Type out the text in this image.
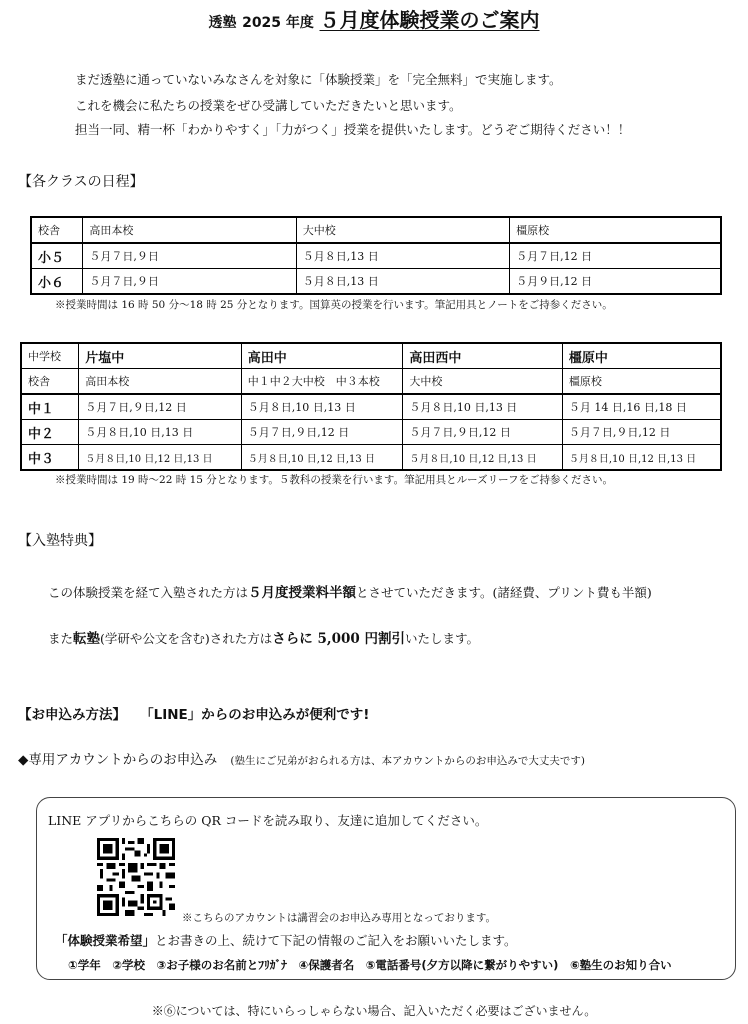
透塾 2025 年度 ５月度体験授業のご案内
まだ透塾に通っていないみなさんを対象に「体験授業」を「完全無料」で実施します。
これを機会に私たちの授業をぜひ受講していただきたいと思います。
担当一同、精一杯「わかりやすく」「力がつく」授業を提供いたします。どうぞご期待ください！！
【各クラスの日程】
校舎	高田本校	大中校	橿原校
小５	５月７日,９日	５月８日,13 日	５月７日,12 日
小６	５月７日,９日	５月８日,13 日	５月９日,12 日
※授業時間は 16 時 50 分～18 時 25 分となります。国算英の授業を行います。筆記用具とノートをご持参ください。
中学校	片塩中	高田中	高田西中	橿原中
校舎	高田本校	中１中２大中校　中３本校	大中校	橿原校
中１	５月７日,９日,12 日	５月８日,10 日,13 日	５月８日,10 日,13 日	５月 14 日,16 日,18 日
中２	５月８日,10 日,13 日	５月７日,９日,12 日	５月７日,９日,12 日	５月７日,９日,12 日
中３	５月８日,10 日,12 日,13 日	５月８日,10 日,12 日,13 日	５月８日,10 日,12 日,13 日	５月８日,10 日,12 日,13 日
※授業時間は 19 時～22 時 15 分となります。５教科の授業を行います。筆記用具とルーズリーフをご持参ください。
【入塾特典】
この体験授業を経て入塾された方は５月度授業料半額とさせていただきます。(諸経費、プリント費も半額)
また転塾(学研や公文を含む)された方はさらに 5,000 円割引いたします。
【お申込み方法】 「LINE」からのお申込みが便利です!
◆専用アカウントからのお申込み (塾生にご兄弟がおられる方は、本アカウントからのお申込みで大丈夫です)
LINE アプリからこちらの QR コードを読み取り、友達に追加してください。
※こちらのアカウントは講習会のお申込み専用となっております。
「体験授業希望」とお書きの上、続けて下記の情報のご記入をお願いいたします。
①学年　②学校　③お子様のお名前とﾌﾘｶﾞﾅ　④保護者名　⑤電話番号(夕方以降に繋がりやすい)　⑥塾生のお知り合い
※⑥については、特にいらっしゃらない場合、記入いただく必要はございません。
